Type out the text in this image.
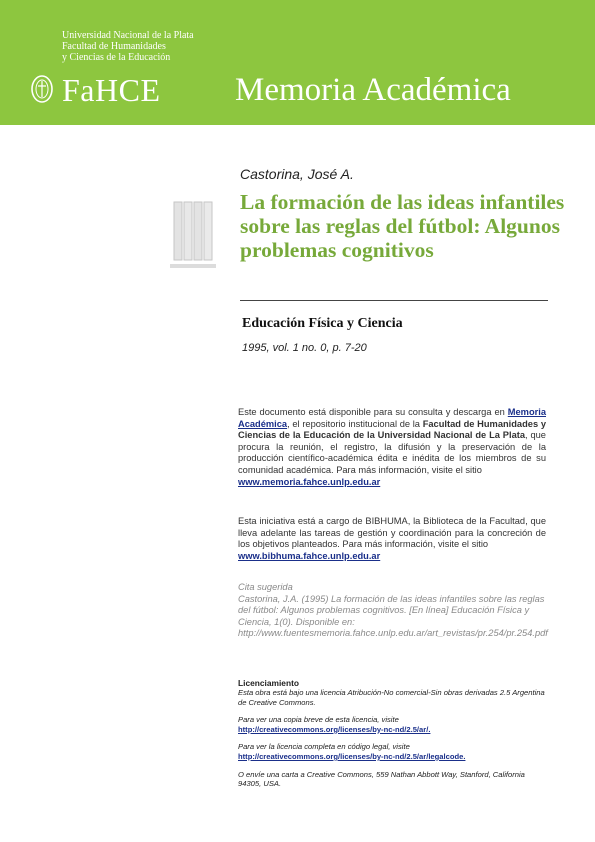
Universidad Nacional de la Plata
Facultad de Humanidades
y Ciencias de la Educación
FaHCE Memoria Académica
Castorina, José A.
La formación de las ideas infantiles sobre las reglas del fútbol: Algunos problemas cognitivos
Educación Física y Ciencia
1995, vol. 1 no. 0, p. 7-20
Este documento está disponible para su consulta y descarga en Memoria Académica, el repositorio institucional de la Facultad de Humanidades y Ciencias de la Educación de la Universidad Nacional de La Plata, que procura la reunión, el registro, la difusión y la preservación de la producción científico-académica édita e inédita de los miembros de su comunidad académica. Para más información, visite el sitio
www.memoria.fahce.unlp.edu.ar
Esta iniciativa está a cargo de BIBHUMA, la Biblioteca de la Facultad, que lleva adelante las tareas de gestión y coordinación para la concreción de los objetivos planteados. Para más información, visite el sitio
www.bibhuma.fahce.unlp.edu.ar
Cita sugerida
Castorina, J.A. (1995) La formación de las ideas infantiles sobre las reglas del fútbol: Algunos problemas cognitivos. [En línea] Educación Física y Ciencia, 1(0). Disponible en: http://www.fuentesmemoria.fahce.unlp.edu.ar/art_revistas/pr.254/pr.254.pdf
Licenciamiento
Esta obra está bajo una licencia Atribución-No comercial-Sin obras derivadas 2.5 Argentina de Creative Commons.
Para ver una copia breve de esta licencia, visite
http://creativecommons.org/licenses/by-nc-nd/2.5/ar/.
Para ver la licencia completa en código legal, visite
http://creativecommons.org/licenses/by-nc-nd/2.5/ar/legalcode.
O envíe una carta a Creative Commons, 559 Nathan Abbott Way, Stanford, California 94305, USA.
